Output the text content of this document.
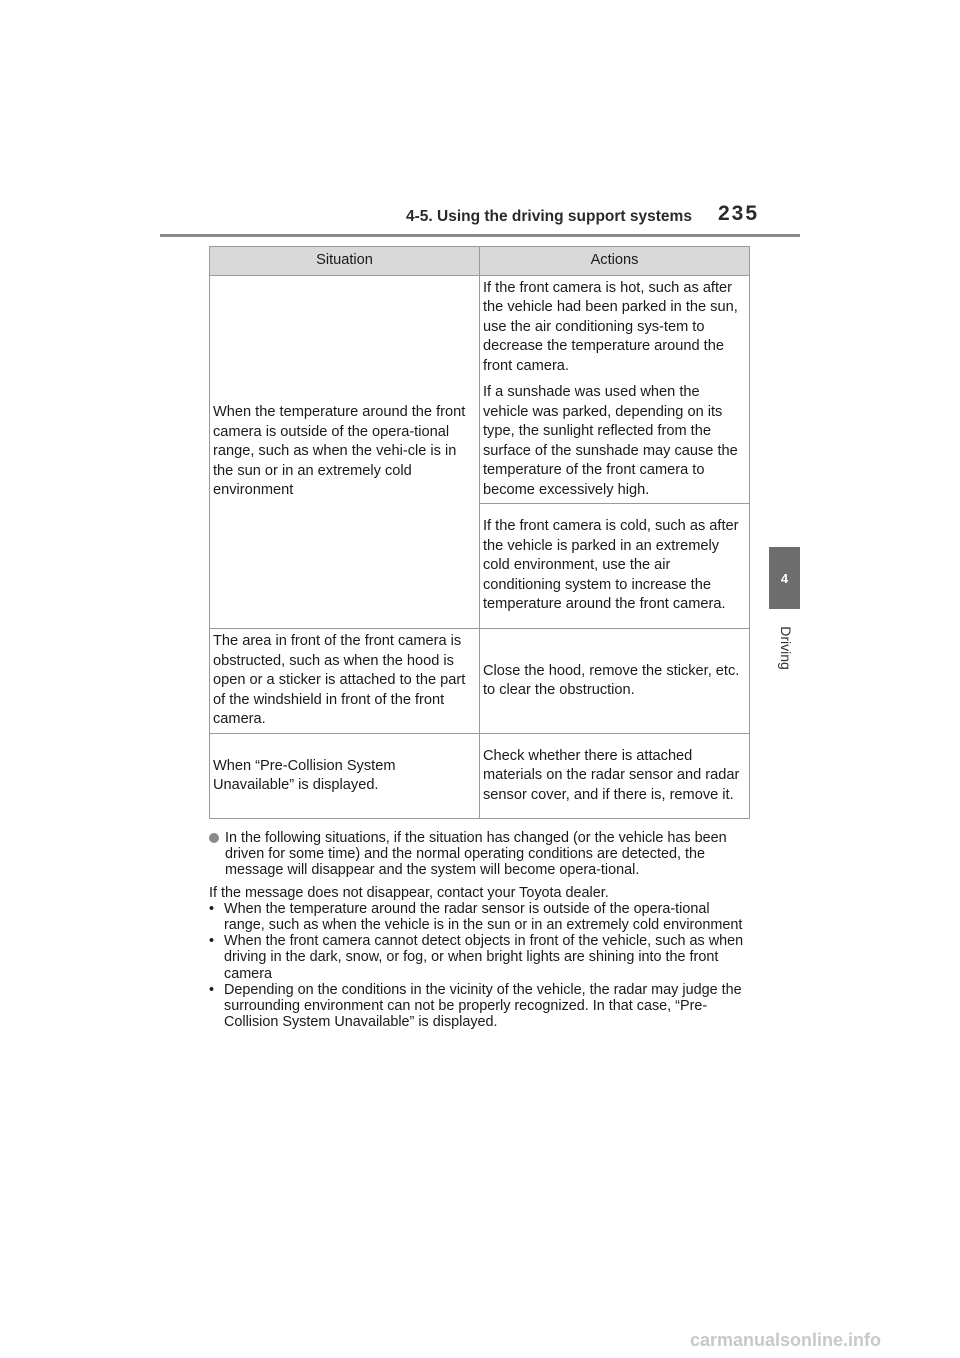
4-5. Using the driving support systems 235
4
Driving
Situation	Actions

When the temperature around the front camera is outside of the opera-tional range, such as when the vehi-cle is in the sun or in an extremely cold environment	If the front camera is hot, such as after the vehicle had been parked in the sun, use the air conditioning sys-tem to decrease the temperature around the front camera.

If a sunshade was used when the vehicle was parked, depending on its type, the sunlight reflected from the surface of the sunshade may cause the temperature of the front camera to become excessively high.

	If the front camera is cold, such as after the vehicle is parked in an extremely cold environment, use the air conditioning system to increase the temperature around the front camera.

The area in front of the front camera is obstructed, such as when the hood is open or a sticker is attached to the part of the windshield in front of the front camera.	Close the hood, remove the sticker, etc. to clear the obstruction.

When “Pre-Collision System Unavailable” is displayed.	Check whether there is attached materials on the radar sensor and radar sensor cover, and if there is, remove it.

In the following situations, if the situation has changed (or the vehicle has been driven for some time) and the normal operating conditions are detected, the message will disappear and the system will become opera-tional.
If the message does not disappear, contact your Toyota dealer.
• When the temperature around the radar sensor is outside of the opera-tional range, such as when the vehicle is in the sun or in an extremely cold environment
• When the front camera cannot detect objects in front of the vehicle, such as when driving in the dark, snow, or fog, or when bright lights are shining into the front camera
• Depending on the conditions in the vicinity of the vehicle, the radar may judge the surrounding environment can not be properly recognized. In that case, “Pre-Collision System Unavailable” is displayed.
carmanualsonline.info
